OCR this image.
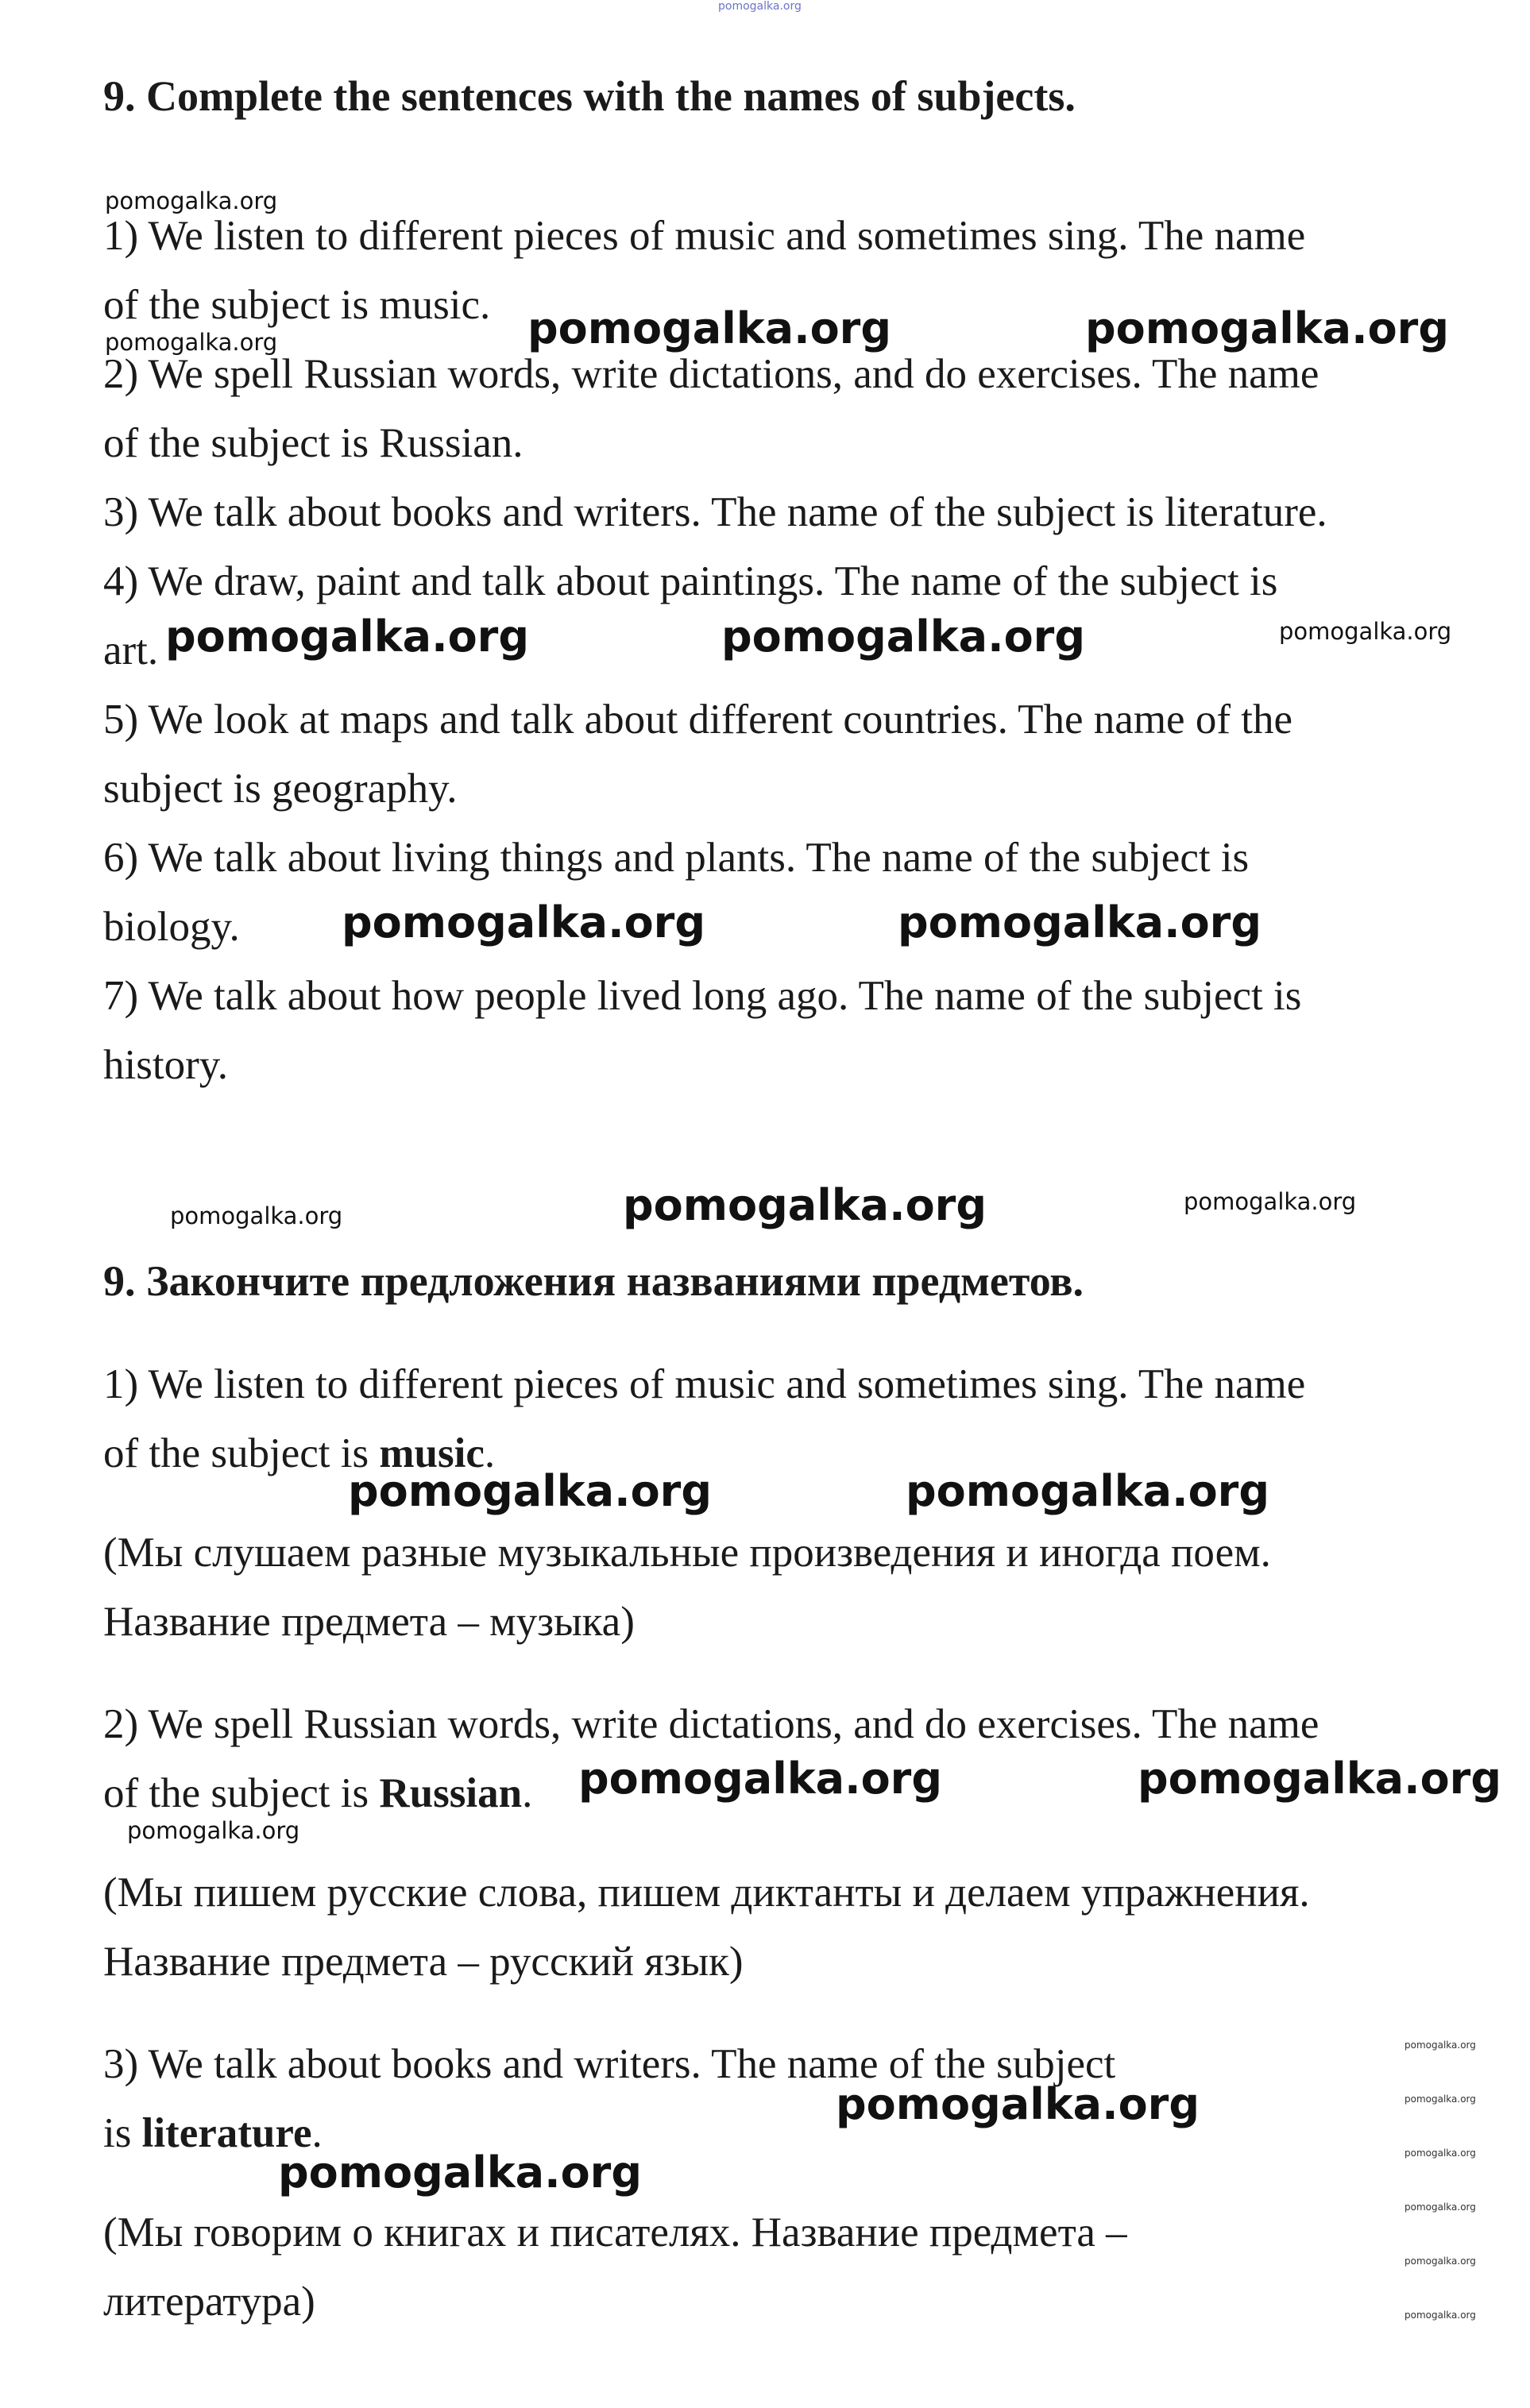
pomogalka.org
9. Complete the sentences with the names of subjects.
1) We listen to different pieces of music and sometimes sing. The name
of the subject is music.
2) We spell Russian words, write dictations, and do exercises. The name
of the subject is Russian.
3) We talk about books and writers. The name of the subject is literature.
4) We draw, paint and talk about paintings. The name of the subject is
art.
5) We look at maps and talk about different countries. The name of the
subject is geography.
6) We talk about living things and plants. The name of the subject is
biology.
7) We talk about how people lived long ago. The name of the subject is
history.
9. Закончите предложения названиями предметов.
1) We listen to different pieces of music and sometimes sing. The name
of the subject is music.
(Мы слушаем разные музыкальные произведения и иногда поем.
Название предмета – музыка)
2) We spell Russian words, write dictations, and do exercises. The name
of the subject is Russian.
(Мы пишем русские слова, пишем диктанты и делаем упражнения.
Название предмета – русский язык)
3) We talk about books and writers. The name of the subject
is literature.
(Мы говорим о книгах и писателях. Название предмета –
литература)
pomogalka.org
pomogalka.org	pomogalka.org	pomogalka.org
pomogalka.org	pomogalka.org	pomogalka.org
pomogalka.org	pomogalka.org
pomogalka.org	pomogalka.org	pomogalka.org
pomogalka.org	pomogalka.org
pomogalka.org	pomogalka.org
pomogalka.org
pomogalka.org
pomogalka.org
pomogalka.org
pomogalka.org
pomogalka.org
pomogalka.org
pomogalka.org
pomogalka.org
